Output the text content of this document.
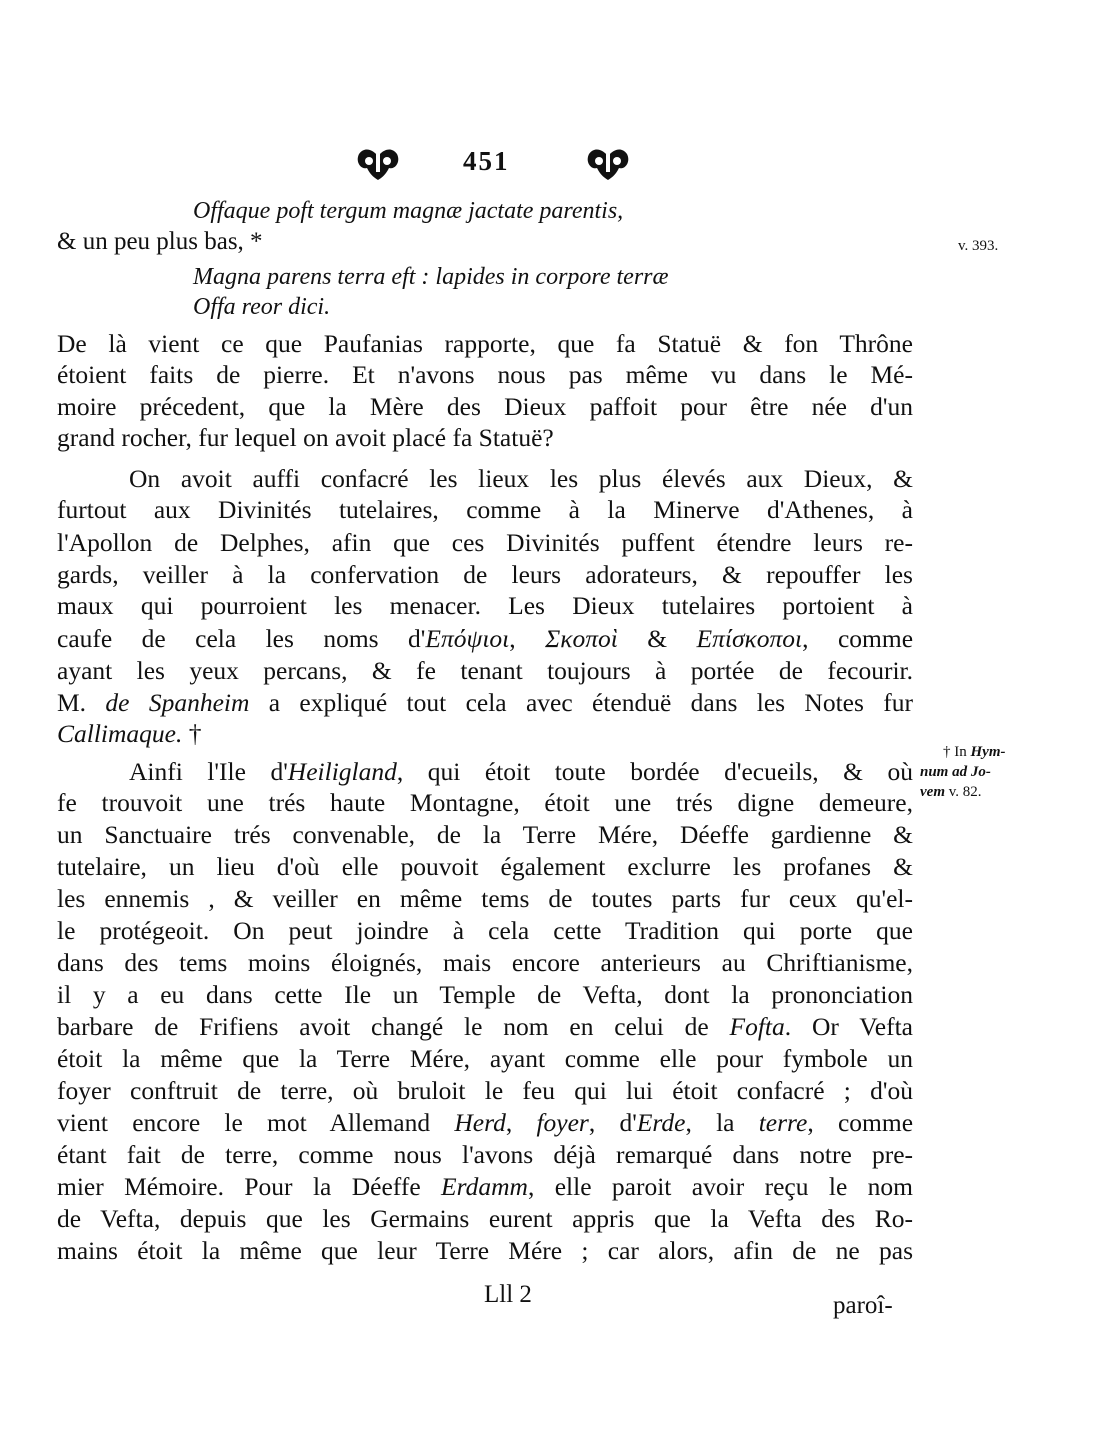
451
Offaque poft tergum magnæ jactate parentis,
& un peu plus bas, *
Magna parens terra eft : lapides in corpore terræ
Offa reor dici.
De là vient ce que Paufanias rapporte, que fa Statuë & fon Thrône
étoient faits de pierre. Et n'avons nous pas même vu dans le Mé-
moire précedent, que la Mère des Dieux paffoit pour être née d'un
grand rocher, fur lequel on avoit placé fa Statuë?
On avoit auffi confacré les lieux les plus élevés aux Dieux, &
furtout aux Divinités tutelaires, comme à la Minerve d'Athenes, à
l'Apollon de Delphes, afin que ces Divinités puffent étendre leurs re-
gards, veiller à la confervation de leurs adorateurs, & repouffer les
maux qui pourroient les menacer. Les Dieux tutelaires portoient à
caufe de cela les noms d'Επόψιοι, Σκοποὶ & Επίσκοποι, comme
ayant les yeux percans, & fe tenant toujours à portée de fecourir.
M. de Spanheim a expliqué tout cela avec étenduë dans les Notes fur
Callimaque. †
Ainfi l'Ile d'Heiligland, qui étoit toute bordée d'ecueils, & où
fe trouvoit une trés haute Montagne, étoit une trés digne demeure,
un Sanctuaire trés convenable, de la Terre Mére, Déeffe gardienne &
tutelaire, un lieu d'où elle pouvoit également exclurre les profanes &
les ennemis , & veiller en même tems de toutes parts fur ceux qu'el-
le protégeoit. On peut joindre à cela cette Tradition qui porte que
dans des tems moins éloignés, mais encore anterieurs au Chriftianisme,
il y a eu dans cette Ile un Temple de Vefta, dont la prononciation
barbare de Frifiens avoit changé le nom en celui de Fofta. Or Vefta
étoit la même que la Terre Mére, ayant comme elle pour fymbole un
foyer conftruit de terre, où bruloit le feu qui lui étoit confacré ; d'où
vient encore le mot Allemand Herd, foyer, d'Erde, la terre, comme
étant fait de terre, comme nous l'avons déjà remarqué dans notre pre-
mier Mémoire. Pour la Déeffe Erdamm, elle paroit avoir reçu le nom
de Vefta, depuis que les Germains eurent appris que la Vefta des Ro-
mains étoit la même que leur Terre Mére ; car alors, afin de ne pas
v. 393.
† In Hym-
num ad Jo-
vem v. 82.
Lll 2	paroî-
